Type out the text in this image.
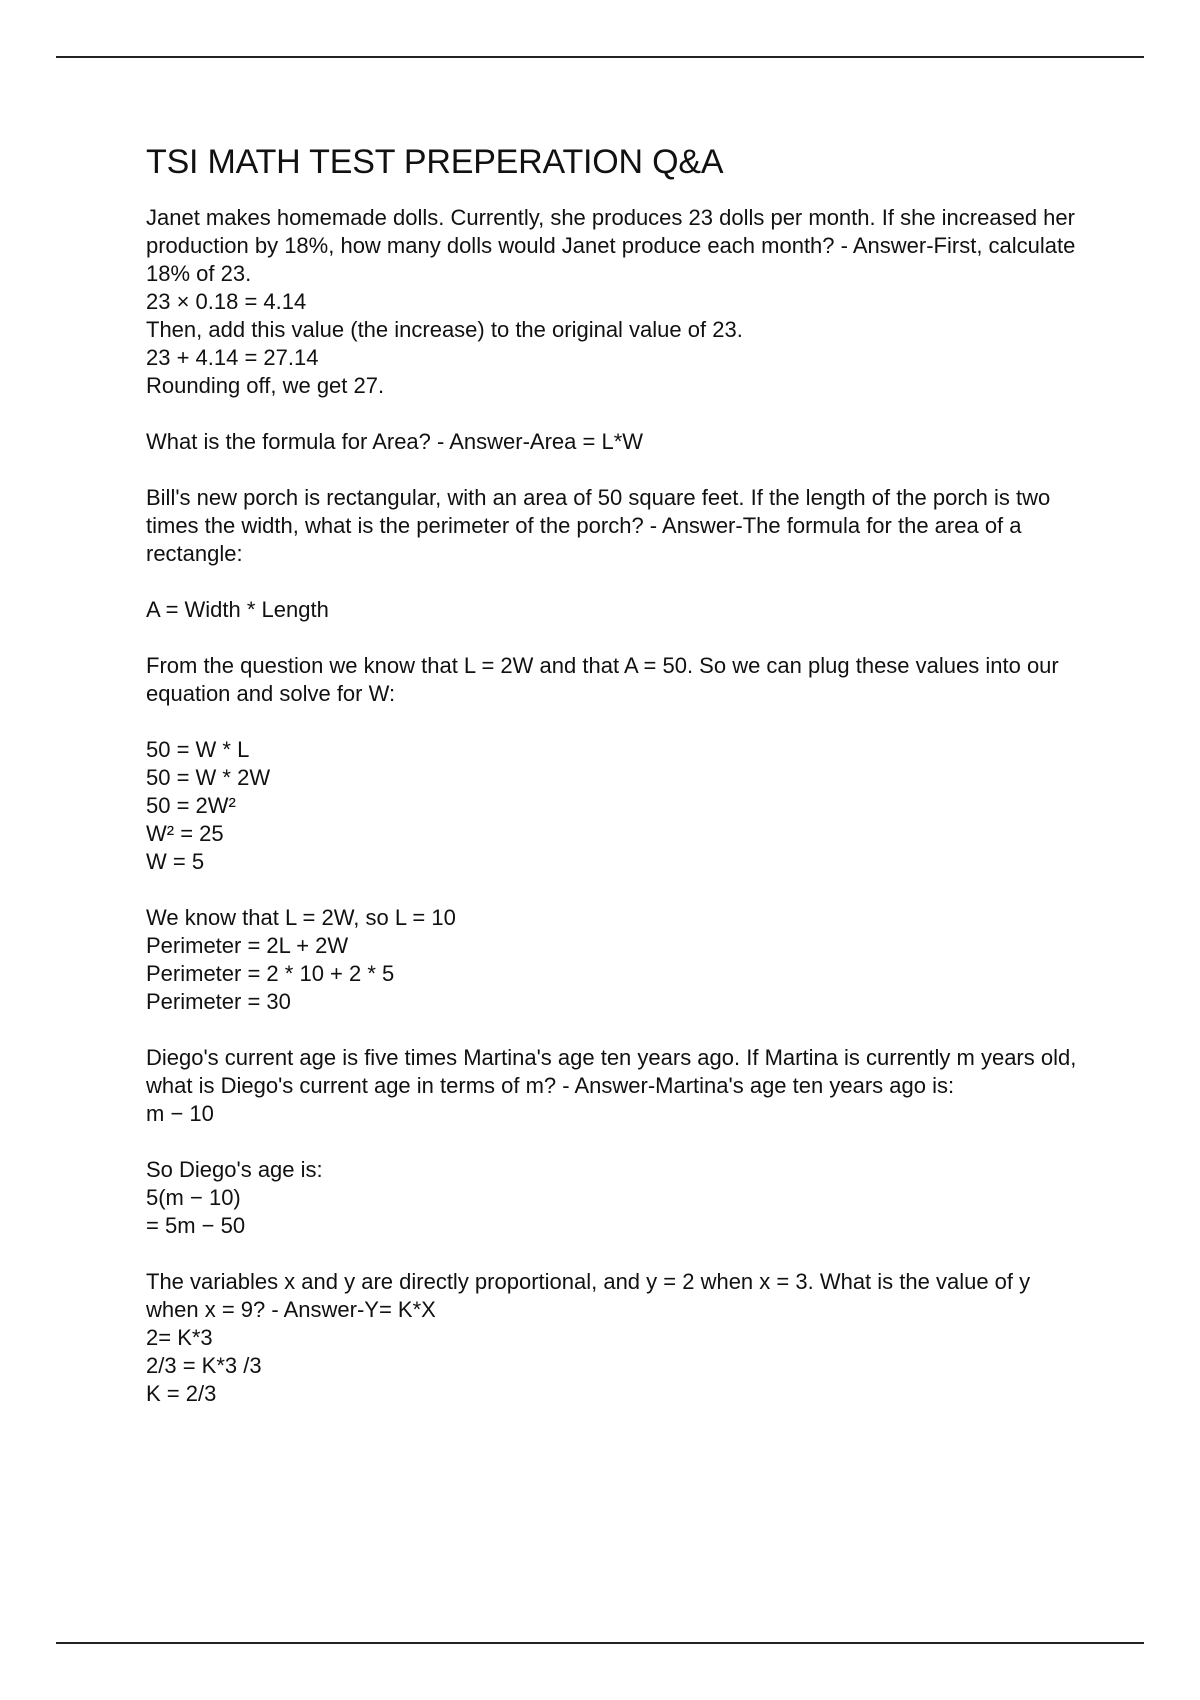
TSI MATH TEST PREPERATION Q&A
Janet makes homemade dolls. Currently, she produces 23 dolls per month. If she increased her production by 18%, how many dolls would Janet produce each month? - Answer-First, calculate 18% of 23.
23 × 0.18 = 4.14
Then, add this value (the increase) to the original value of 23.
23 + 4.14 = 27.14
Rounding off, we get 27.
What is the formula for Area? - Answer-Area = L*W
Bill's new porch is rectangular, with an area of 50 square feet. If the length of the porch is two times the width, what is the perimeter of the porch? - Answer-The formula for the area of a rectangle:
A = Width * Length
From the question we know that L = 2W and that A = 50. So we can plug these values into our equation and solve for W:
50 = W * L
50 = W * 2W
50 = 2W²
W² = 25
W = 5
We know that L = 2W, so L = 10
Perimeter = 2L + 2W
Perimeter = 2 * 10 + 2 * 5
Perimeter = 30
Diego's current age is five times Martina's age ten years ago. If Martina is currently m years old, what is Diego's current age in terms of m? - Answer-Martina's age ten years ago is:
m − 10
So Diego's age is:
5(m − 10)
= 5m − 50
The variables x and y are directly proportional, and y = 2 when x = 3. What is the value of y when x = 9? - Answer-Y= K*X
2= K*3
2/3 = K*3 /3
K = 2/3
